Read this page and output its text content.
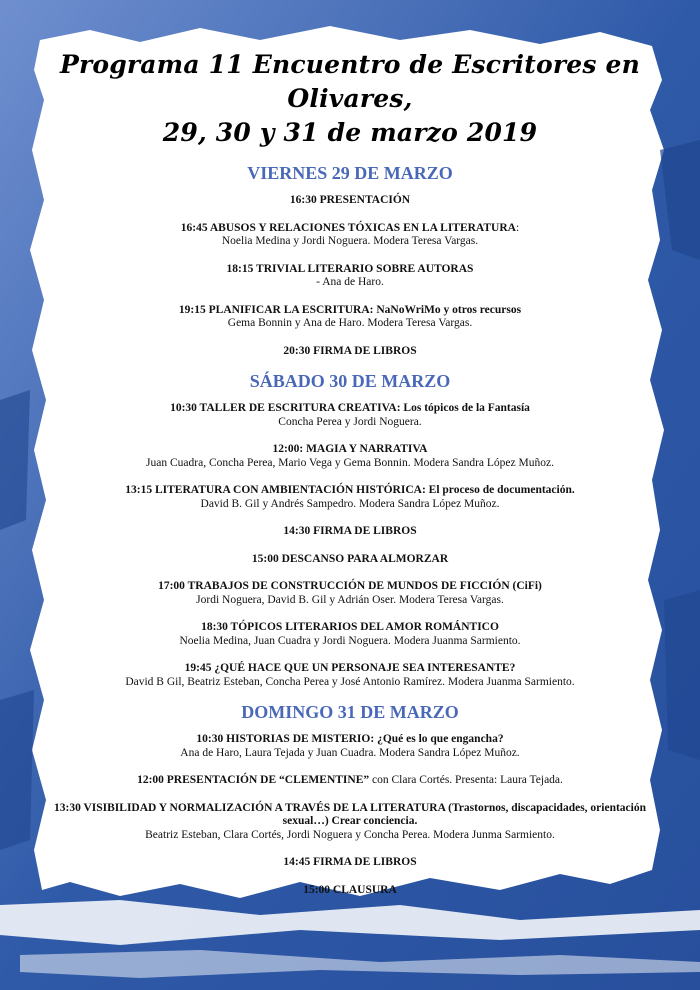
Programa 11 Encuentro de Escritores en Olivares,

29, 30 y 31 de marzo 2019

VIERNES 29 DE MARZO

16:30 PRESENTACIÓN
16:45 ABUSOS Y RELACIONES TÓXICAS EN LA LITERATURA:
Noelia Medina y Jordi Noguera. Modera Teresa Vargas.
18:15 TRIVIAL LITERARIO SOBRE AUTORAS
- Ana de Haro.
19:15 PLANIFICAR LA ESCRITURA: NaNoWriMo y otros recursos
Gema Bonnin y Ana de Haro. Modera Teresa Vargas.
20:30 FIRMA DE LIBROS

SÁBADO 30 DE MARZO

10:30 TALLER DE ESCRITURA CREATIVA: Los tópicos de la Fantasía
Concha Perea y Jordi Noguera.
12:00: MAGIA Y NARRATIVA
Juan Cuadra, Concha Perea, Mario Vega y Gema Bonnin. Modera Sandra López Muñoz.
13:15 LITERATURA CON AMBIENTACIÓN HISTÓRICA: El proceso de documentación.
David B. Gil y Andrés Sampedro. Modera Sandra López Muñoz.
14:30 FIRMA DE LIBROS
15:00 DESCANSO PARA ALMORZAR
17:00 TRABAJOS DE CONSTRUCCIÓN DE MUNDOS DE FICCIÓN (CiFi)
Jordi Noguera, David B. Gil y Adrián Oser. Modera Teresa Vargas.
18:30 TÓPICOS LITERARIOS DEL AMOR ROMÁNTICO
Noelia Medina, Juan Cuadra y Jordi Noguera. Modera Juanma Sarmiento.
19:45 ¿QUÉ HACE QUE UN PERSONAJE SEA INTERESANTE?
David B Gil, Beatriz Esteban, Concha Perea y José Antonio Ramírez. Modera Juanma Sarmiento.

DOMINGO 31 DE MARZO

10:30 HISTORIAS DE MISTERIO: ¿Qué es lo que engancha?
Ana de Haro, Laura Tejada y Juan Cuadra. Modera Sandra López Muñoz.
12:00 PRESENTACIÓN DE “CLEMENTINE” con Clara Cortés. Presenta: Laura Tejada.
13:30 VISIBILIDAD Y NORMALIZACIÓN A TRAVÉS DE LA LITERATURA (Trastornos, discapacidades, orientación sexual…) Crear conciencia.
Beatriz Esteban, Clara Cortés, Jordi Noguera y Concha Perea. Modera Junma Sarmiento.
14:45 FIRMA DE LIBROS
15:00 CLAUSURA
